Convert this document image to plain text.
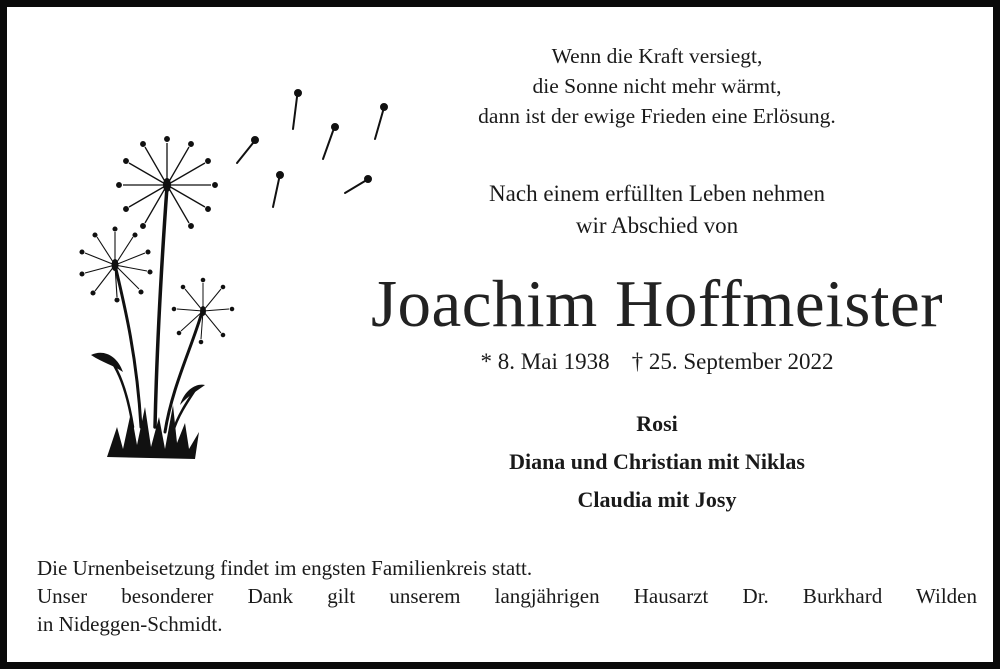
Wenn die Kraft versiegt,
die Sonne nicht mehr wärmt,
dann ist der ewige Frieden eine Erlösung.
Nach einem erfüllten Leben nehmen
wir Abschied von
Joachim Hoffmeister
* 8. Mai 1938 † 25. September 2022
Rosi
Diana und Christian mit Niklas
Claudia mit Josy
Die Urnenbeisetzung findet im engsten Familienkreis statt.
Unser besonderer Dank gilt unserem langjährigen Hausarzt Dr. Burkhard Wilden
in Nideggen-Schmidt.
